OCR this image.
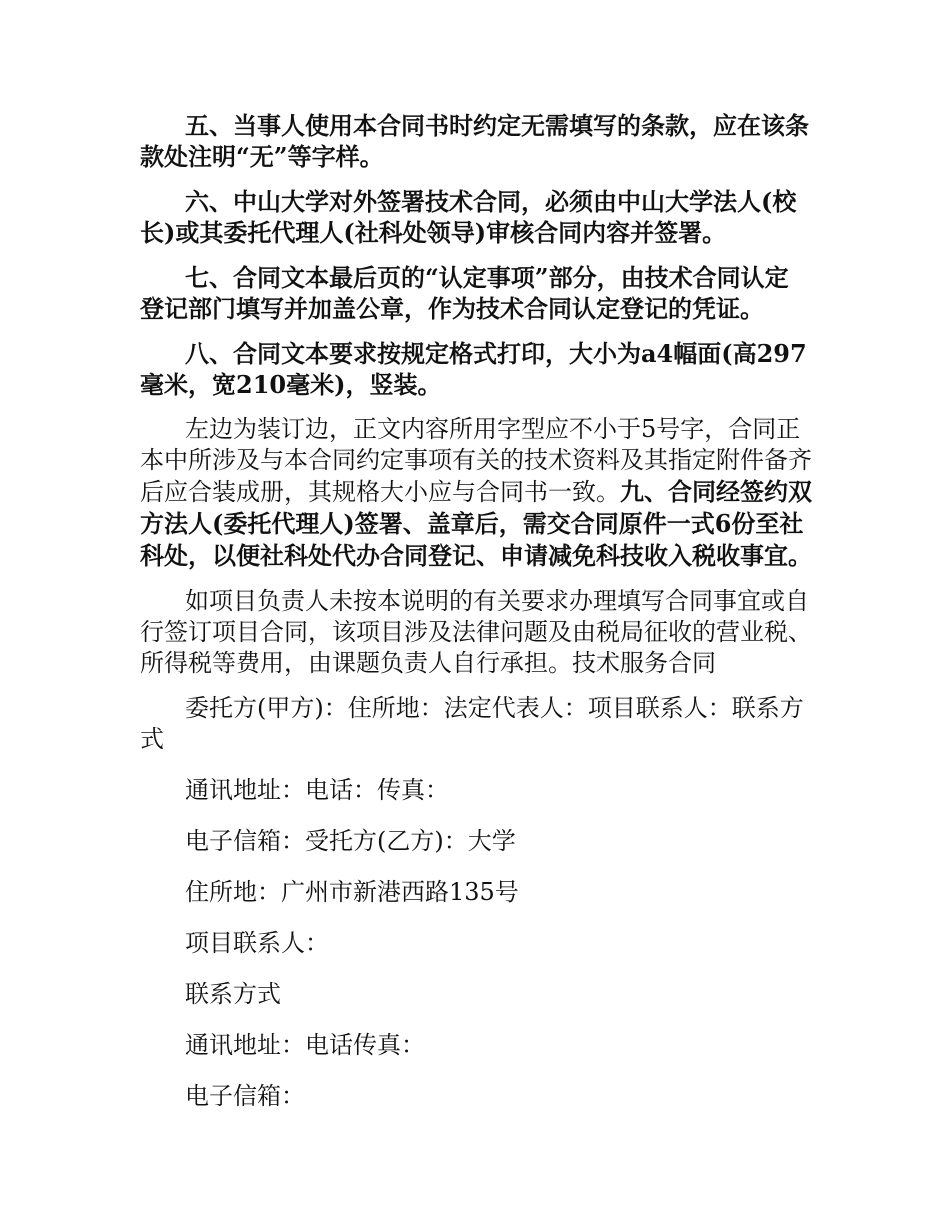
五、当事人使用本合同书时约定无需填写的条款，应在该条款处注明“无”等字样。

六、中山大学对外签署技术合同，必须由中山大学法人(校长)或其委托代理人(社科处领导)审核合同内容并签署。

七、合同文本最后页的“认定事项”部分，由技术合同认定登记部门填写并加盖公章，作为技术合同认定登记的凭证。

八、合同文本要求按规定格式打印，大小为a4幅面(高297毫米，宽210毫米)，竖装。

左边为装订边，正文内容所用字型应不小于5号字，合同正本中所涉及与本合同约定事项有关的技术资料及其指定附件备齐后应合装成册，其规格大小应与合同书一致。九、合同经签约双方法人(委托代理人)签署、盖章后，需交合同原件一式6份至社科处，以便社科处代办合同登记、申请减免科技收入税收事宜。

如项目负责人未按本说明的有关要求办理填写合同事宜或自行签订项目合同，该项目涉及法律问题及由税局征收的营业税、所得税等费用，由课题负责人自行承担。技术服务合同

委托方(甲方)：住所地：法定代表人：项目联系人：联系方式

通讯地址：电话：传真：

电子信箱：受托方(乙方)：大学

住所地：广州市新港西路135号

项目联系人：

联系方式

通讯地址：电话传真：

电子信箱：
